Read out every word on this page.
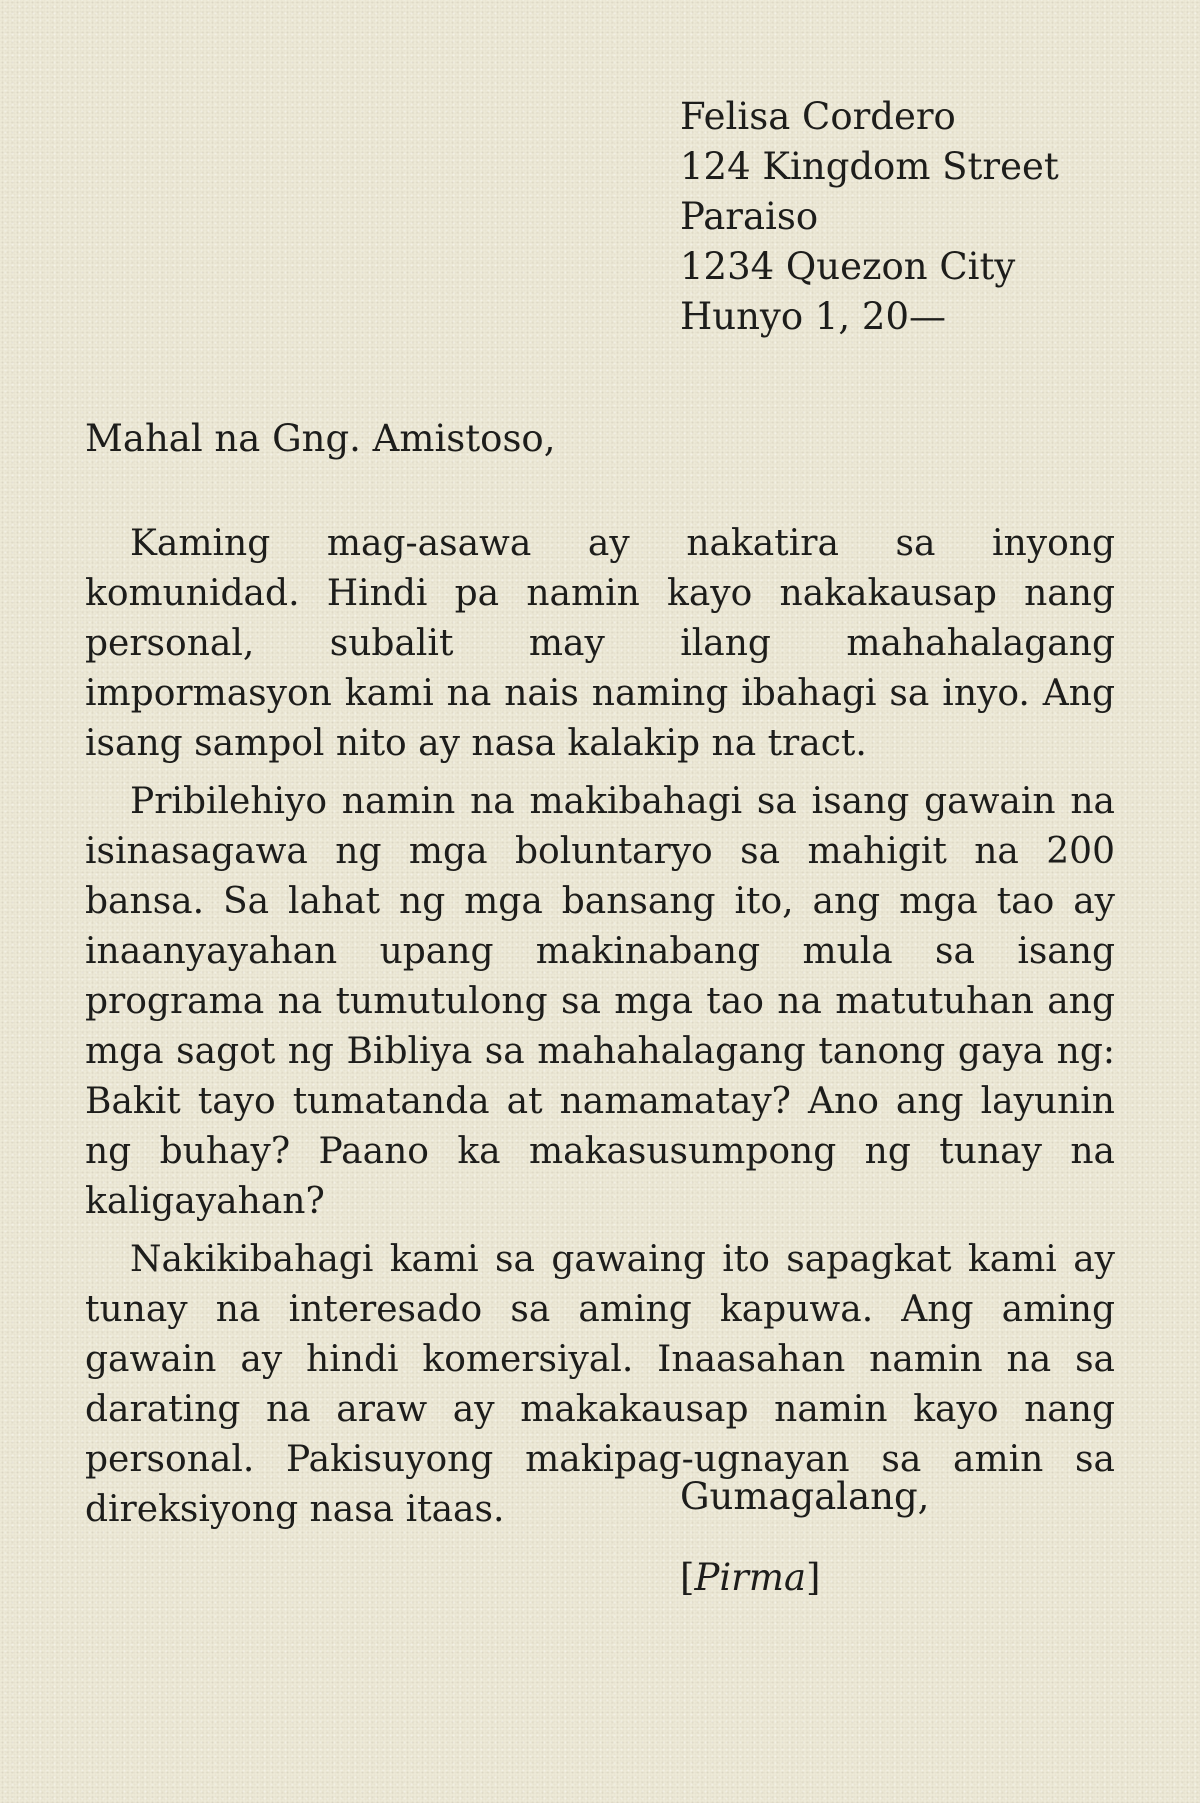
Felisa Cordero
124 Kingdom Street
Paraiso
1234 Quezon City
Hunyo 1, 20—
Mahal na Gng. Amistoso,

Kaming mag-asawa ay nakatira sa inyong komunidad. Hindi pa namin kayo nakakausap nang personal, subalit may ilang mahahalagang impormasyon kami na nais naming ibahagi sa inyo. Ang isang sampol nito ay nasa kalakip na tract.

Pribilehiyo namin na makibahagi sa isang gawain na isinasagawa ng mga boluntaryo sa mahigit na 200 bansa. Sa lahat ng mga bansang ito, ang mga tao ay inaanyayahan upang makinabang mula sa isang programa na tumutulong sa mga tao na matutuhan ang mga sagot ng Bibliya sa mahahalagang tanong gaya ng: Bakit tayo tumatanda at namamatay? Ano ang layunin ng buhay? Paano ka makasusumpong ng tunay na kaligayahan?

Nakikibahagi kami sa gawaing ito sapagkat kami ay tunay na interesado sa aming kapuwa. Ang aming gawain ay hindi komersiyal. Inaasahan namin na sa darating na araw ay makakausap namin kayo nang personal. Pakisuyong makipag-ugnayan sa amin sa direksiyong nasa itaas.	Gumagalang,
[Pirma]
